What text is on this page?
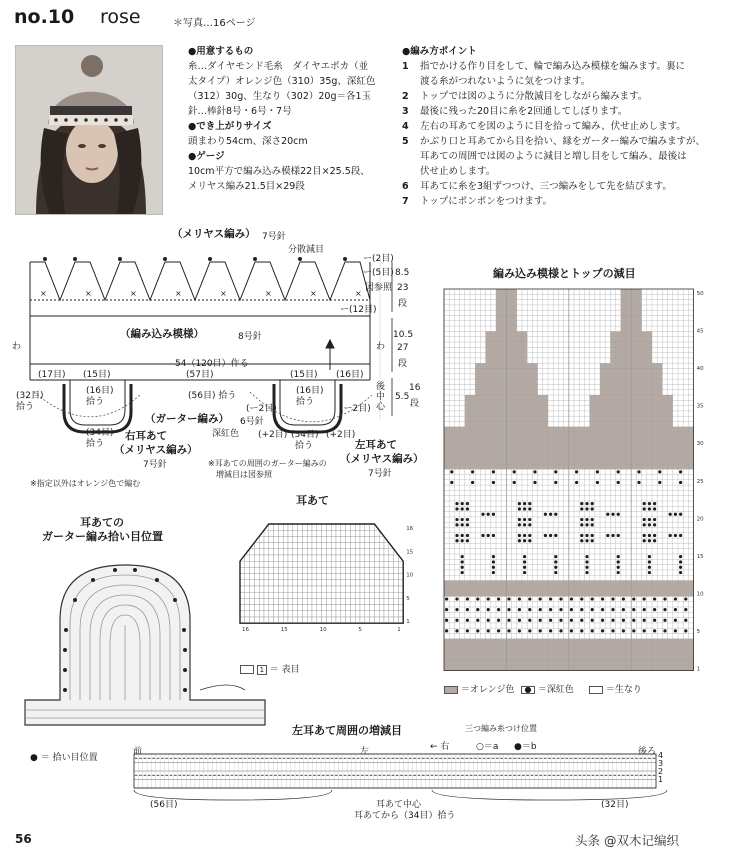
no.10 rose	＊写真…16ページ
●用意するもの
糸…ダイヤモンド毛糸　ダイヤエポカ（並
太タイプ）オレンジ色（310）35g、深紅色
（312）30g、生なり（302）20g＝各1玉
針…棒針8号・6号・7号
●でき上がりサイズ
頭まわり54cm、深さ20cm
●ゲージ
10cm平方で編み込み模様22目×25.5段、
メリヤス編み21.5目×29段
●編み方ポイント
1	指でかける作り目をして、輪で編み込み模様を編みます。裏に
渡る糸がつれないように気をつけます。
2	トップでは図のように分散減目をしながら編みます。
3	最後に残った20目に糸を2回通してしぼります。
4	左右の耳あてを図のように目を拾って編み、伏せ止めします。
5	かぶり口と耳あてから目を拾い、縁をガーター編みで編みますが、
耳あての周囲では図のように減目と増し目をして編み、最後は
伏せ止めします。
6	耳あてに糸を3組ずつつけ、三つ編みをして先を結びます。
7	トップにポンポンをつけます。
×	×	×	×	×	×	×	×
（メリヤス編み） 7号針
分散減目
ー(2目)
ー(5目)
図参照
ー(12目)
8.5
23
段
10.5
27
段
5.5
16
段
後中心
（編み込み模様）	8号針
わ	わ
54（120目）作る
(17目) (15目)	(57目)	(15目) (16目)
(16目)
拾う
(56目) 拾う	(16目)
拾う
(32目)
拾う
（ガーター編み） 6号針
深紅色
(ー2目)	(ー2目)
(+2目)	(+2目)
(34目)
拾う
(34目)
拾う
右耳あて
（メリヤス編み）
7号針
左耳あて
（メリヤス編み）
7号針
※耳あての周囲のガーター編みの
増減目は図参照
※指定以外はオレンジ色で編む
編み込み模様とトップの減目
50
45
40
35
30
25
20
15
10
5
1
＝オレンジ色	● ＝深紅色	＝生なり
耳あての
ガーター編み拾い目位置
● ＝ 拾い目位置
耳あて
16
15
10
5
1
16	15	10	5	1
1 ＝ 表目
左耳あて周囲の増減目	三つ編み糸つけ位置
前	後ろ
左	← 右	○＝a ●＝b
4
3
2
1
(56目)	(32目)
耳あて中心
耳あてから（34目）拾う
56	头条 @双木记编织
